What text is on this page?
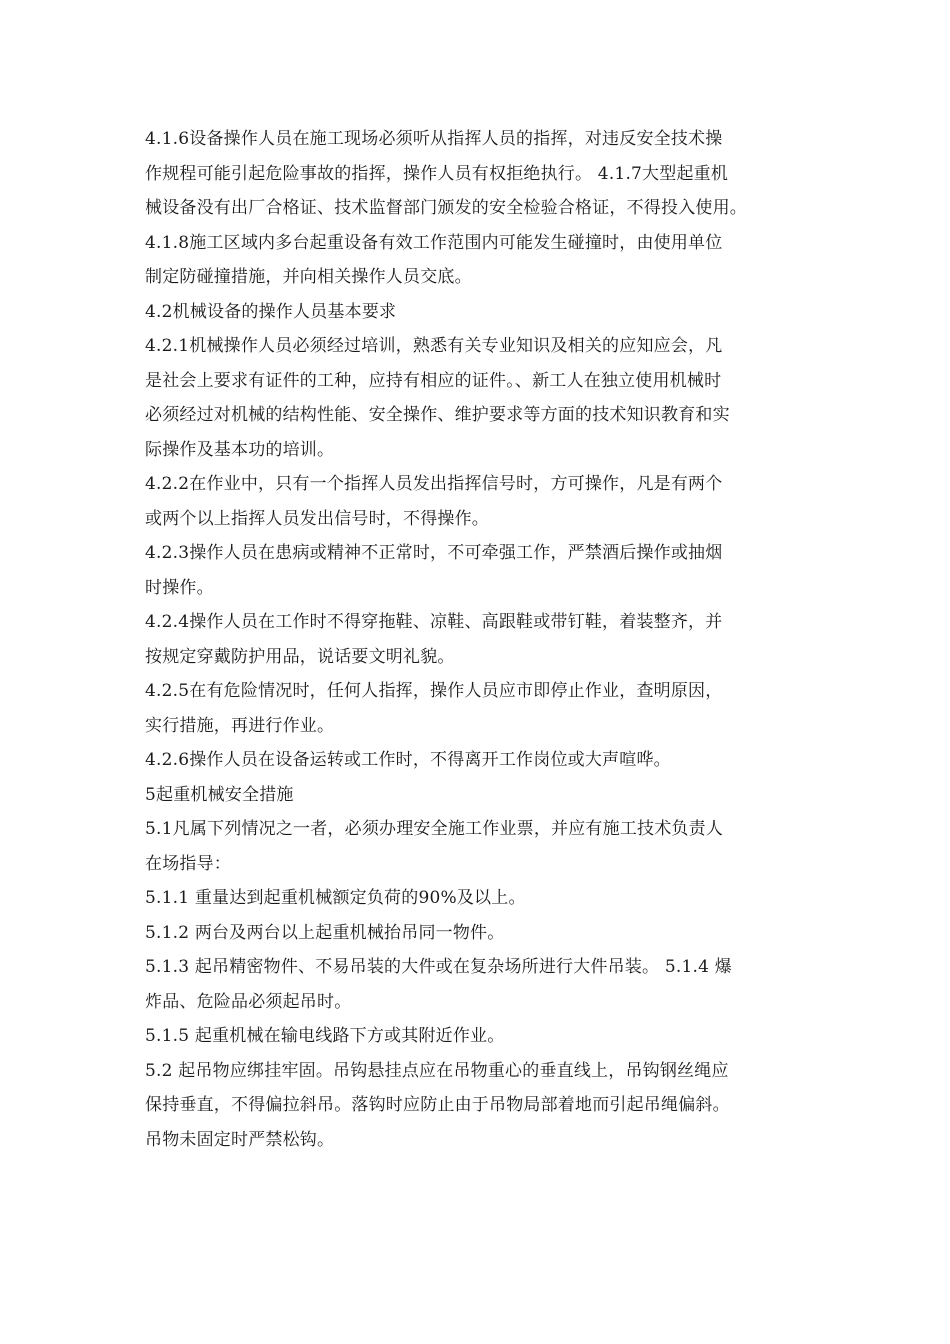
4.1.6设备操作人员在施工现场必须听从指挥人员的指挥，对违反安全技术操
作规程可能引起危险事故的指挥，操作人员有权拒绝执行。 4.1.7大型起重机
械设备没有出厂合格证、技术监督部门颁发的安全检验合格证，不得投入使用。
4.1.8施工区域内多台起重设备有效工作范围内可能发生碰撞时，由使用单位
制定防碰撞措施，并向相关操作人员交底。
4.2机械设备的操作人员基本要求
4.2.1机械操作人员必须经过培训，熟悉有关专业知识及相关的应知应会，凡
是社会上要求有证件的工种，应持有相应的证件。、新工人在独立使用机械时
必须经过对机械的结构性能、安全操作、维护要求等方面的技术知识教育和实
际操作及基本功的培训。
4.2.2在作业中，只有一个指挥人员发出指挥信号时，方可操作，凡是有两个
或两个以上指挥人员发出信号时，不得操作。
4.2.3操作人员在患病或精神不正常时，不可牵强工作，严禁酒后操作或抽烟
时操作。
4.2.4操作人员在工作时不得穿拖鞋、凉鞋、高跟鞋或带钉鞋，着装整齐，并
按规定穿戴防护用品，说话要文明礼貌。
4.2.5在有危险情况时，任何人指挥，操作人员应市即停止作业，查明原因，
实行措施，再进行作业。
4.2.6操作人员在设备运转或工作时，不得离开工作岗位或大声喧哗。
5起重机械安全措施
5.1凡属下列情况之一者，必须办理安全施工作业票，并应有施工技术负责人
在场指导：
5.1.1 重量达到起重机械额定负荷的90%及以上。
5.1.2 两台及两台以上起重机械抬吊同一物件。
5.1.3 起吊精密物件、不易吊装的大件或在复杂场所进行大件吊装。 5.1.4 爆
炸品、危险品必须起吊时。
5.1.5 起重机械在输电线路下方或其附近作业。
5.2 起吊物应绑挂牢固。吊钩悬挂点应在吊物重心的垂直线上，吊钩钢丝绳应
保持垂直，不得偏拉斜吊。落钩时应防止由于吊物局部着地而引起吊绳偏斜。
吊物未固定时严禁松钩。
